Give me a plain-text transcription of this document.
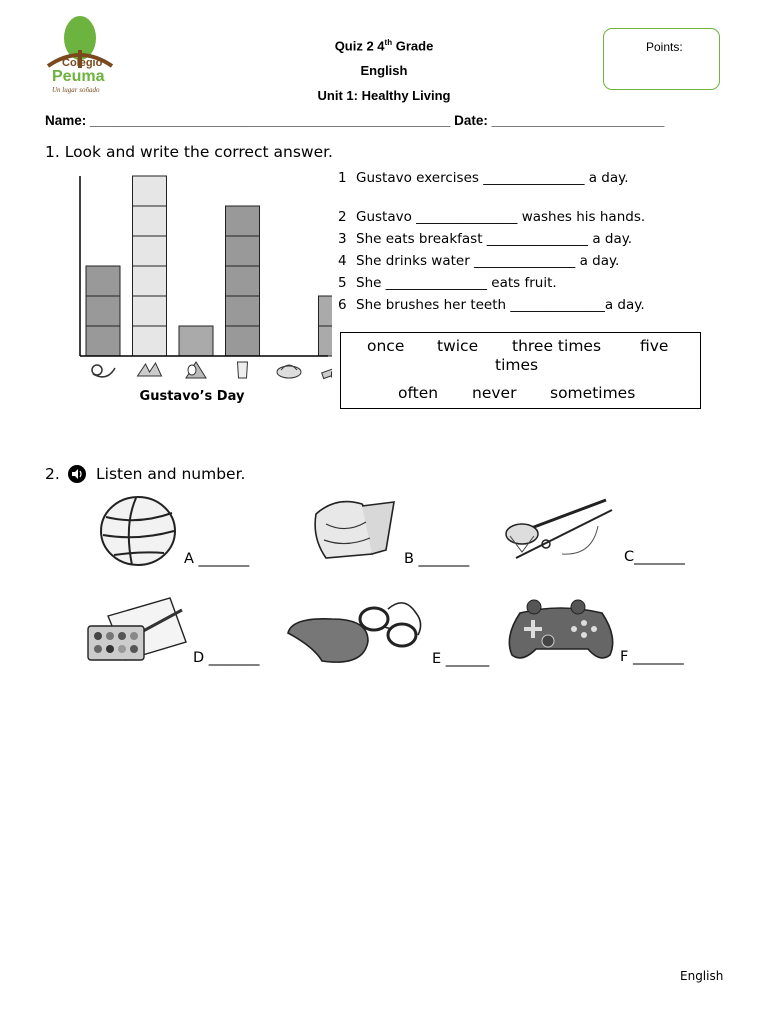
Colegio
Peuma
Un lugar soñado
Quiz 2 4th Grade
English
Unit 1: Healthy Living
Points:
Name: ________________________________________________ Date: _______________________
1. Look and write the correct answer.
Gustavo’s Day
1 Gustavo exercises _______________ a day.
2 Gustavo _______________ washes his hands.
3 She eats breakfast _______________ a day.
4 She drinks water _______________ a day.
5 She _______________ eats fruit.
6 She brushes her teeth ______________a day.
once twice three times	five
times
often never sometimes
2. Listen and number.
A _______	B _______	C_______
D _______	E ______	F _______
English
